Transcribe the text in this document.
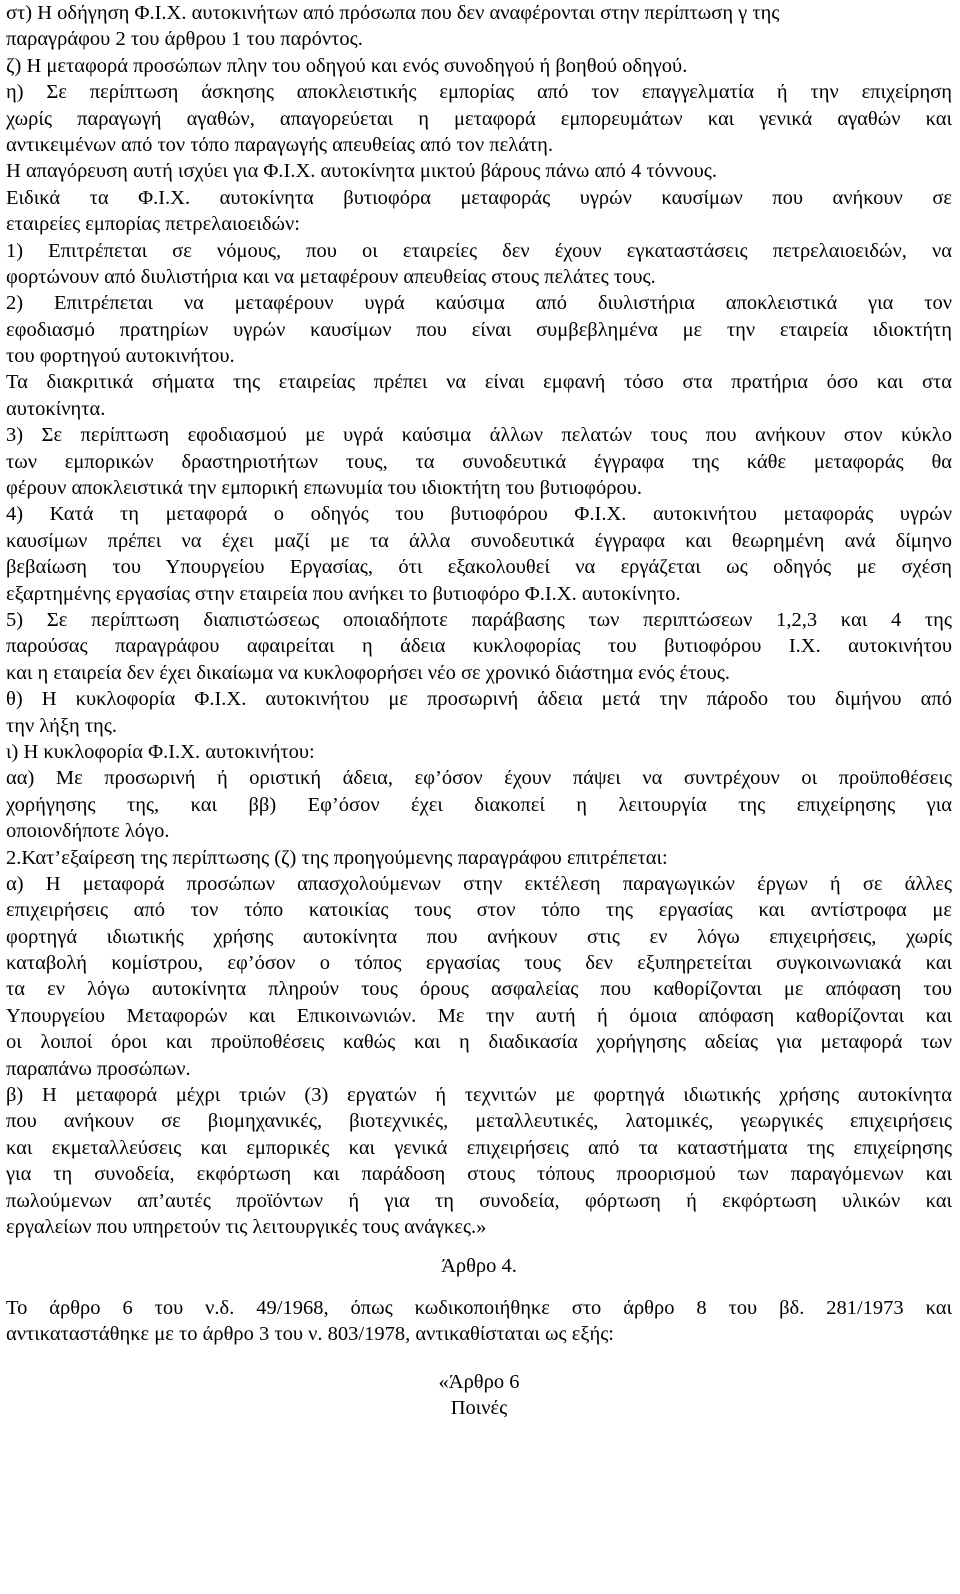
στ) Η οδήγηση Φ.Ι.Χ. αυτοκινήτων από πρόσωπα που δεν αναφέρονται στην περίπτωση γ της
παραγράφου 2 του άρθρου 1 του παρόντος.
ζ) Η μεταφορά προσώπων πλην του οδηγού και ενός συνοδηγού ή βοηθού οδηγού.
η) Σε περίπτωση άσκησης αποκλειστικής εμπορίας από τον επαγγελματία ή την επιχείρηση
χωρίς παραγωγή αγαθών, απαγορεύεται η μεταφορά εμπορευμάτων και γενικά αγαθών και
αντικειμένων από τον τόπο παραγωγής απευθείας από τον πελάτη.
Η απαγόρευση αυτή ισχύει για Φ.Ι.Χ. αυτοκίνητα μικτού βάρους πάνω από 4 τόννους.
Ειδικά τα Φ.Ι.Χ. αυτοκίνητα βυτιοφόρα μεταφοράς υγρών καυσίμων που ανήκουν σε
εταιρείες εμπορίας πετρελαιοειδών:
1) Επιτρέπεται σε νόμους, που οι εταιρείες δεν έχουν εγκαταστάσεις πετρελαιοειδών, να
φορτώνουν από διυλιστήρια και να μεταφέρουν απευθείας στους πελάτες τους.
2) Επιτρέπεται να μεταφέρουν υγρά καύσιμα από διυλιστήρια αποκλειστικά για τον
εφοδιασμό πρατηρίων υγρών καυσίμων που είναι συμβεβλημένα με την εταιρεία ιδιοκτήτη
του φορτηγού αυτοκινήτου.
Τα διακριτικά σήματα της εταιρείας πρέπει να είναι εμφανή τόσο στα πρατήρια όσο και στα
αυτοκίνητα.
3) Σε περίπτωση εφοδιασμού με υγρά καύσιμα άλλων πελατών τους που ανήκουν στον κύκλο
των εμπορικών δραστηριοτήτων τους, τα συνοδευτικά έγγραφα της κάθε μεταφοράς θα
φέρουν αποκλειστικά την εμπορική επωνυμία του ιδιοκτήτη του βυτιοφόρου.
4) Κατά τη μεταφορά ο οδηγός του βυτιοφόρου Φ.Ι.Χ. αυτοκινήτου μεταφοράς υγρών
καυσίμων πρέπει να έχει μαζί με τα άλλα συνοδευτικά έγγραφα και θεωρημένη ανά δίμηνο
βεβαίωση του Υπουργείου Εργασίας, ότι εξακολουθεί να εργάζεται ως οδηγός με σχέση
εξαρτημένης εργασίας στην εταιρεία που ανήκει το βυτιοφόρο Φ.Ι.Χ. αυτοκίνητο.
5) Σε περίπτωση διαπιστώσεως οποιαδήποτε παράβασης των περιπτώσεων 1,2,3 και 4 της
παρούσας παραγράφου αφαιρείται η άδεια κυκλοφορίας του βυτιοφόρου Ι.Χ. αυτοκινήτου
και η εταιρεία δεν έχει δικαίωμα να κυκλοφορήσει νέο σε χρονικό διάστημα ενός έτους.
θ) Η κυκλοφορία Φ.Ι.Χ. αυτοκινήτου με προσωρινή άδεια μετά την πάροδο του διμήνου από
την λήξη της.
ι) Η κυκλοφορία Φ.Ι.Χ. αυτοκινήτου:
αα) Με προσωρινή ή οριστική άδεια, εφ’όσον έχουν πάψει να συντρέχουν οι προϋποθέσεις
χορήγησης της, και ββ) Εφ’όσον έχει διακοπεί η λειτουργία της επιχείρησης για
οποιονδήποτε λόγο.
2.Κατ’εξαίρεση της περίπτωσης (ζ) της προηγούμενης παραγράφου επιτρέπεται:
α) Η μεταφορά προσώπων απασχολούμενων στην εκτέλεση παραγωγικών έργων ή σε άλλες
επιχειρήσεις από τον τόπο κατοικίας τους στον τόπο της εργασίας και αντίστροφα με
φορτηγά ιδιωτικής χρήσης αυτοκίνητα που ανήκουν στις εν λόγω επιχειρήσεις, χωρίς
καταβολή κομίστρου, εφ’όσον ο τόπος εργασίας τους δεν εξυπηρετείται συγκοινωνιακά και
τα εν λόγω αυτοκίνητα πληρούν τους όρους ασφαλείας που καθορίζονται με απόφαση του
Υπουργείου Μεταφορών και Επικοινωνιών. Με την αυτή ή όμοια απόφαση καθορίζονται και
οι λοιποί όροι και προϋποθέσεις καθώς και η διαδικασία χορήγησης αδείας για μεταφορά των
παραπάνω προσώπων.
β) Η μεταφορά μέχρι τριών (3) εργατών ή τεχνιτών με φορτηγά ιδιωτικής χρήσης αυτοκίνητα
που ανήκουν σε βιομηχανικές, βιοτεχνικές, μεταλλευτικές, λατομικές, γεωργικές επιχειρήσεις
και εκμεταλλεύσεις και εμπορικές και γενικά επιχειρήσεις από τα καταστήματα της επιχείρησης
για τη συνοδεία, εκφόρτωση και παράδοση στους τόπους προορισμού των παραγόμενων και
πωλούμενων απ’αυτές προϊόντων ή για τη συνοδεία, φόρτωση ή εκφόρτωση υλικών και
εργαλείων που υπηρετούν τις λειτουργικές τους ανάγκες.»
Άρθρο 4.
Το άρθρο 6 του ν.δ. 49/1968, όπως κωδικοποιήθηκε στο άρθρο 8 του βδ. 281/1973 και
αντικαταστάθηκε με το άρθρο 3 του ν. 803/1978, αντικαθίσταται ως εξής:
«Άρθρο 6
Ποινές
